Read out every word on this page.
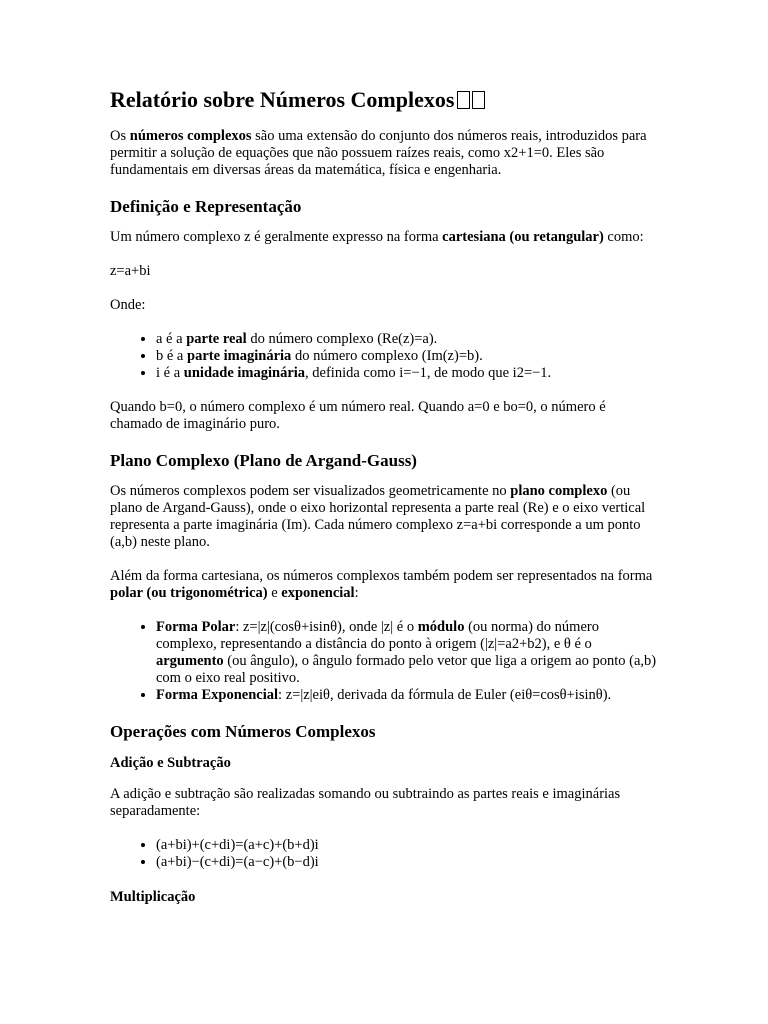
Relatório sobre Números Complexos

Os números complexos são uma extensão do conjunto dos números reais, introduzidos para permitir a solução de equações que não possuem raízes reais, como x2+1=0. Eles são fundamentais em diversas áreas da matemática, física e engenharia.

Definição e Representação

Um número complexo z é geralmente expresso na forma cartesiana (ou retangular) como:

z=a+bi

Onde:

• a é a parte real do número complexo (Re(z)=a).
• b é a parte imaginária do número complexo (Im(z)=b).
• i é a unidade imaginária, definida como i=−1, de modo que i2=−1.

Quando b=0, o número complexo é um número real. Quando a=0 e bo=0, o número é chamado de imaginário puro.

Plano Complexo (Plano de Argand-Gauss)

Os números complexos podem ser visualizados geometricamente no plano complexo (ou plano de Argand-Gauss), onde o eixo horizontal representa a parte real (Re) e o eixo vertical representa a parte imaginária (Im). Cada número complexo z=a+bi corresponde a um ponto (a,b) neste plano.

Além da forma cartesiana, os números complexos também podem ser representados na forma polar (ou trigonométrica) e exponencial:

• Forma Polar: z=|z|(cosθ+isinθ), onde |z| é o módulo (ou norma) do número complexo, representando a distância do ponto à origem (|z|=a2+b2), e θ é o argumento (ou ângulo), o ângulo formado pelo vetor que liga a origem ao ponto (a,b) com o eixo real positivo.
• Forma Exponencial: z=|z|eiθ, derivada da fórmula de Euler (eiθ=cosθ+isinθ).
Operações com Números Complexos
Adição e Subtração

A adição e subtração são realizadas somando ou subtraindo as partes reais e imaginárias separadamente:

• (a+bi)+(c+di)=(a+c)+(b+d)i
• (a+bi)−(c+di)=(a−c)+(b−d)i
Multiplicação
